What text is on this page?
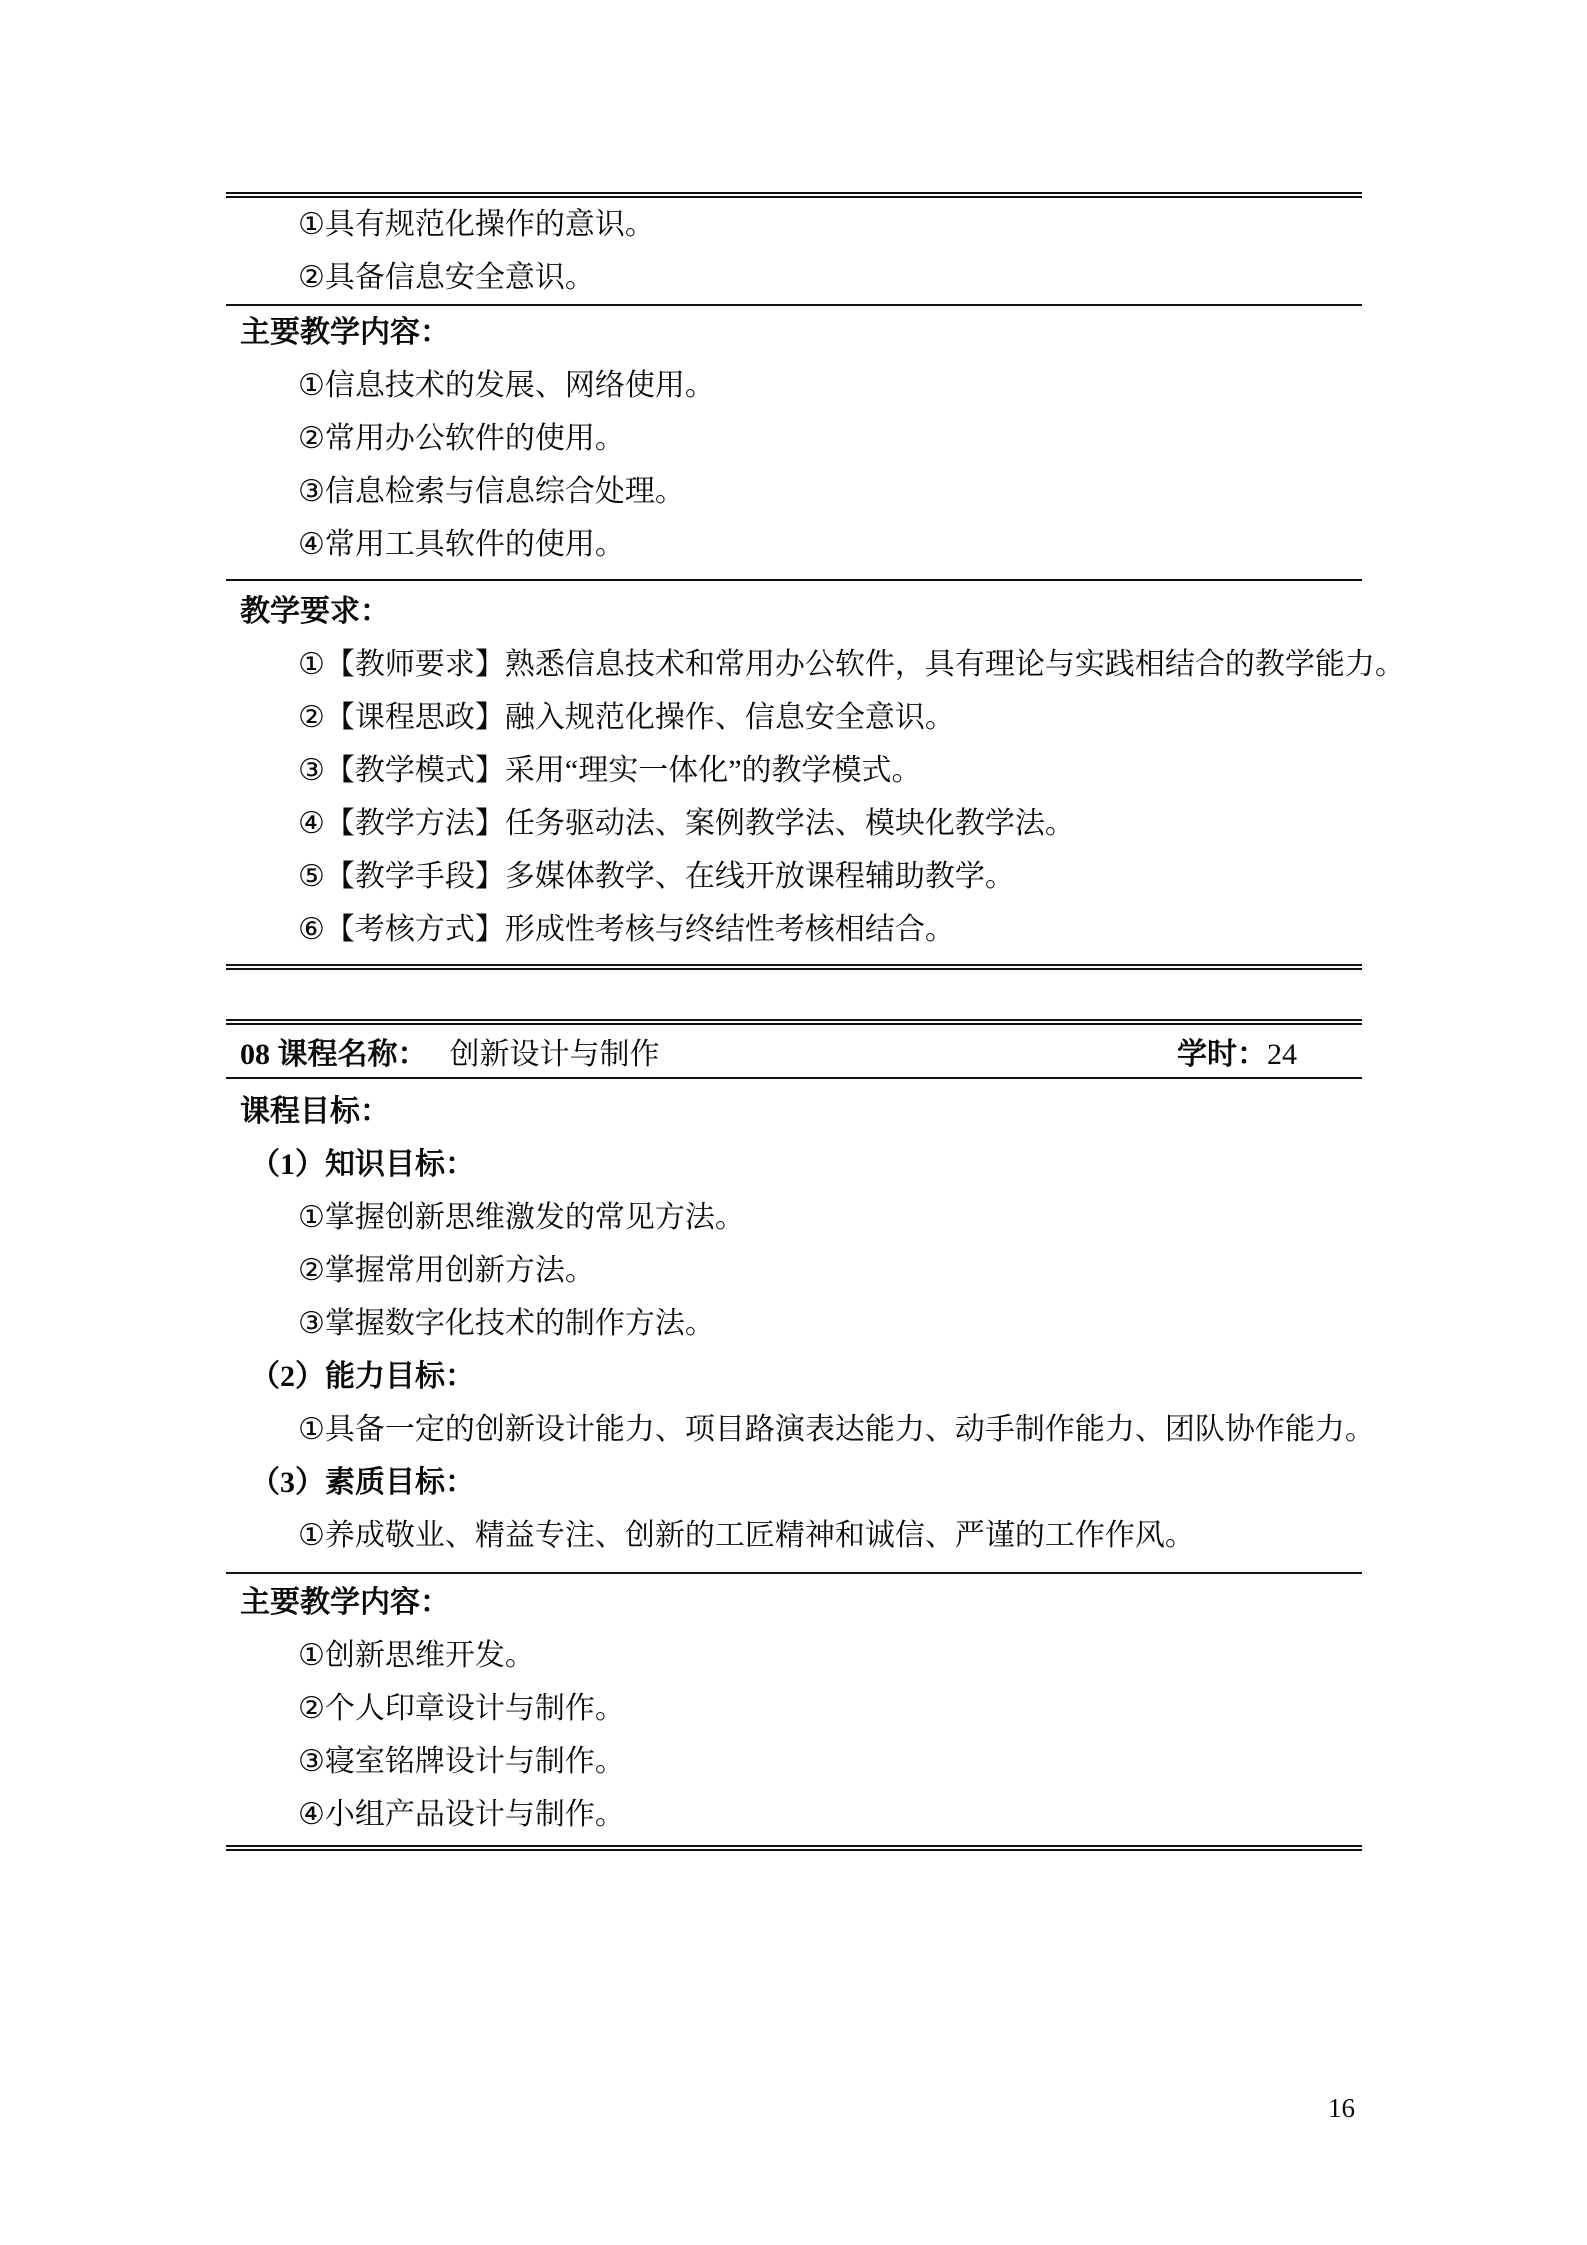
①具有规范化操作的意识。

②具备信息安全意识。

主要教学内容：

①信息技术的发展、网络使用。

②常用办公软件的使用。

③信息检索与信息综合处理。

④常用工具软件的使用。

教学要求：

①【教师要求】熟悉信息技术和常用办公软件，具有理论与实践相结合的教学能力。

②【课程思政】融入规范化操作、信息安全意识。

③【教学模式】采用“理实一体化”的教学模式。

④【教学方法】任务驱动法、案例教学法、模块化教学法。

⑤【教学手段】多媒体教学、在线开放课程辅助教学。

⑥【考核方式】形成性考核与终结性考核相结合。

08 课程名称： 创新设计与制作	学时：24

课程目标：

（1）知识目标：

①掌握创新思维激发的常见方法。

②掌握常用创新方法。

③掌握数字化技术的制作方法。

（2）能力目标：

①具备一定的创新设计能力、项目路演表达能力、动手制作能力、团队协作能力。

（3）素质目标：

①养成敬业、精益专注、创新的工匠精神和诚信、严谨的工作作风。

主要教学内容：

①创新思维开发。

②个人印章设计与制作。

③寝室铭牌设计与制作。

④小组产品设计与制作。

16
